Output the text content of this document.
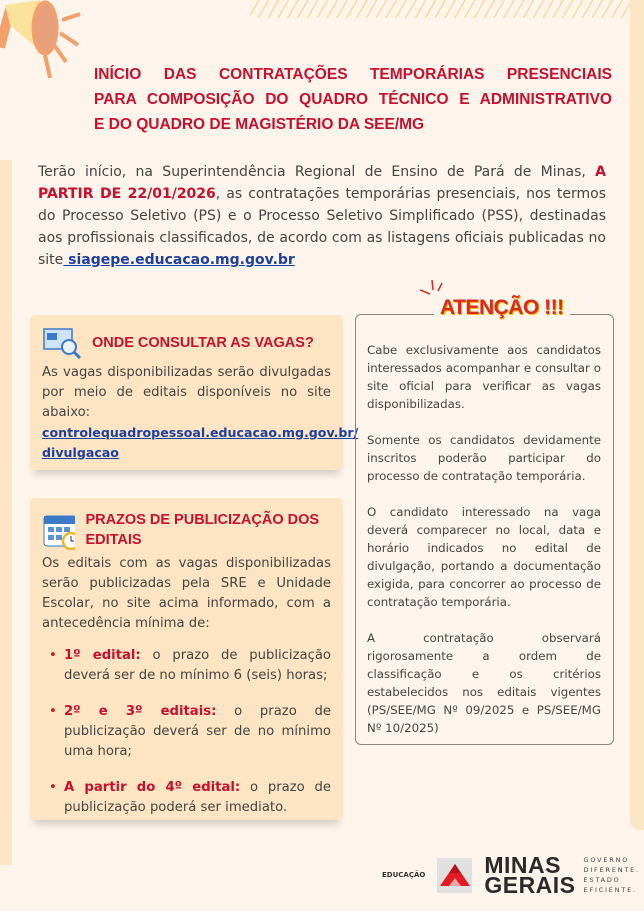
INÍCIO DAS CONTRATAÇÕES TEMPORÁRIAS PRESENCIAIS
PARA COMPOSIÇÃO DO QUADRO TÉCNICO E ADMINISTRATIVO
E DO QUADRO DE MAGISTÉRIO DA SEE/MG

Terão início, na Superintendência Regional de Ensino de Pará de Minas, A PARTIR DE 22/01/2026, as contratações temporárias presenciais, nos termos do Processo Seletivo (PS) e o Processo Seletivo Simplificado (PSS), destinadas aos profissionais classificados, de acordo com as listagens oficiais publicadas no site siagepe.educacao.mg.gov.br

ONDE CONSULTAR AS VAGAS?

As vagas disponibilizadas serão divulgadas por meio de editais disponíveis no site abaixo:

controlequadropessoal.educacao.mg.gov.br/
divulgacao
PRAZOS DE PUBLICIZAÇÃO DOS EDITAIS

Os editais com as vagas disponibilizadas serão publicizadas pela SRE e Unidade Escolar, no site acima informado, com a antecedência mínima de:

• 1º edital: o prazo de publicização deverá ser de no mínimo 6 (seis) horas;
• 2º e 3º editais: o prazo de publicização deverá ser de no mínimo uma hora;
• A partir do 4º edital: o prazo de publicização poderá ser imediato.

Cabe exclusivamente aos candidatos interessados acompanhar e consultar o site oficial para verificar as vagas disponibilizadas.

Somente os candidatos devidamente inscritos poderão participar do processo de contratação temporária.

O candidato interessado na vaga deverá comparecer no local, data e horário indicados no edital de divulgação, portando a documentação exigida, para concorrer ao processo de contratação temporária.

A contratação observará rigorosamente a ordem de classificação e os critérios estabelecidos nos editais vigentes (PS/SEE/MG Nº 09/2025 e PS/SEE/MG Nº 10/2025)

ATENÇÃO !!!
EDUCAÇÃO	MINAS
GERAIS
GOVERNO
DIFERENTE.
ESTADO
EFICIENTE.
